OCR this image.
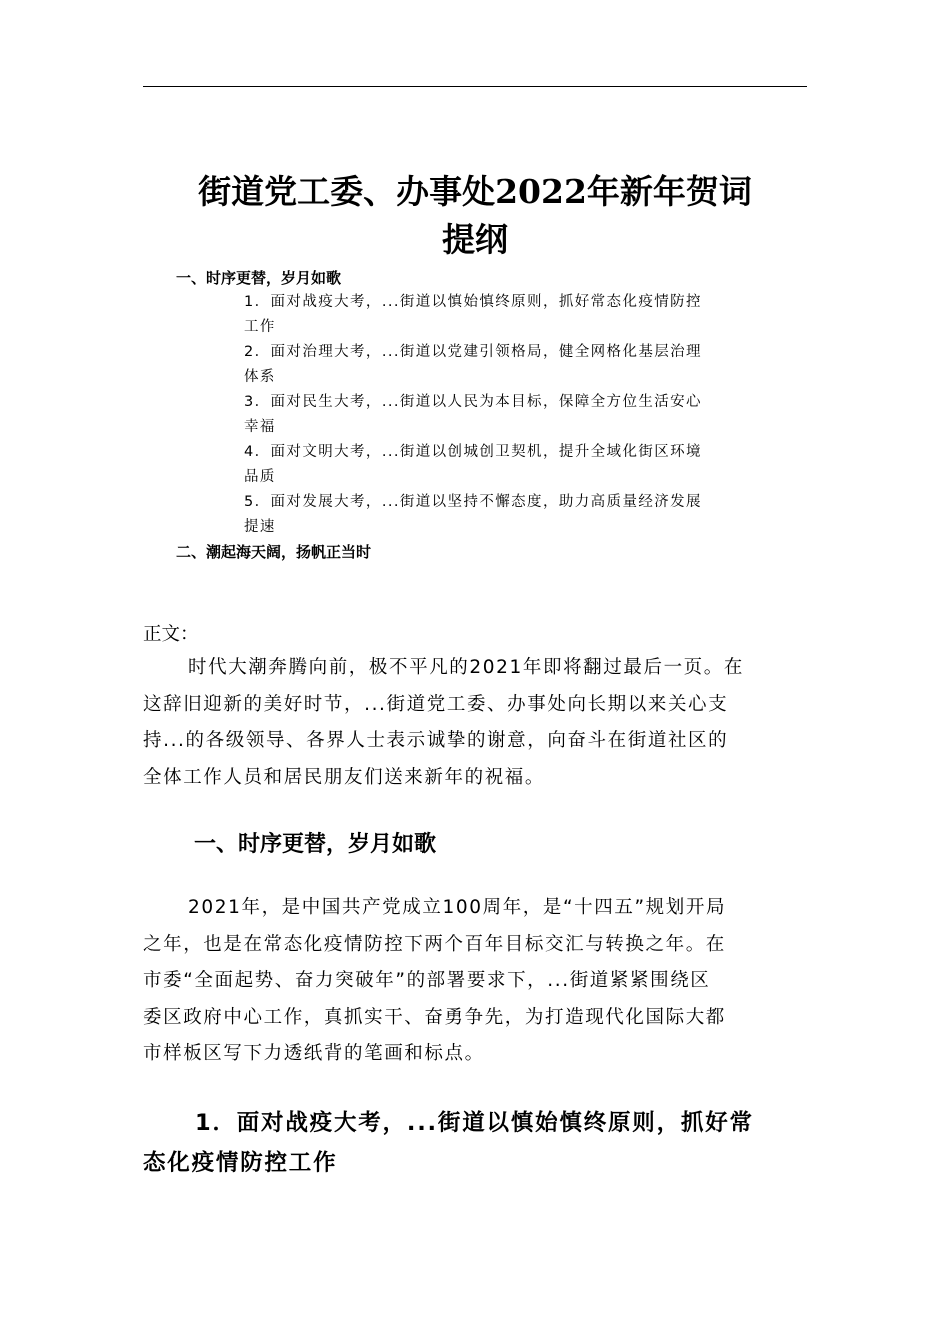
街道党工委、办事处2022年新年贺词
提纲
一、时序更替，岁月如歌
1．面对战疫大考，...街道以慎始慎终原则，抓好常态化疫情防控
工作
2．面对治理大考，...街道以党建引领格局，健全网格化基层治理
体系
3．面对民生大考，...街道以人民为本目标，保障全方位生活安心
幸福
4．面对文明大考，...街道以创城创卫契机，提升全域化街区环境
品质
5．面对发展大考，...街道以坚持不懈态度，助力高质量经济发展
提速
二、潮起海天阔，扬帆正当时
正文：
时代大潮奔腾向前，极不平凡的2021年即将翻过最后一页。在
这辞旧迎新的美好时节，...街道党工委、办事处向长期以来关心支
持...的各级领导、各界人士表示诚挚的谢意，向奋斗在街道社区的
全体工作人员和居民朋友们送来新年的祝福。
一、时序更替，岁月如歌
2021年，是中国共产党成立100周年，是“十四五”规划开局
之年，也是在常态化疫情防控下两个百年目标交汇与转换之年。在
市委“全面起势、奋力突破年”的部署要求下，...街道紧紧围绕区
委区政府中心工作，真抓实干、奋勇争先，为打造现代化国际大都
市样板区写下力透纸背的笔画和标点。
1．面对战疫大考，...街道以慎始慎终原则，抓好常
态化疫情防控工作
